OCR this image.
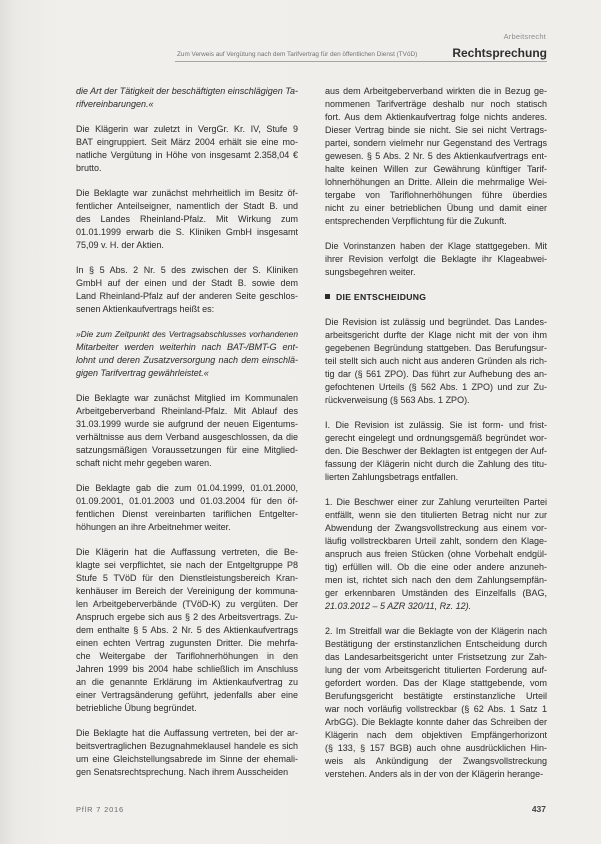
Arbeitsrecht
Zum Verweis auf Vergütung nach dem Tarifvertrag für den öffentlichen Dienst (TVöD)	Rechtsprechung
die Art der Tätigkeit der beschäftigten einschlägigen Ta-
rifvereinbarungen.«
Die Klägerin war zuletzt in VergGr. Kr. IV, Stufe 9
BAT eingruppiert. Seit März 2004 erhält sie eine mo-
natliche Vergütung in Höhe von insgesamt 2.358,04 €
brutto.
Die Beklagte war zunächst mehrheitlich im Besitz öf-
fentlicher Anteilseigner, namentlich der Stadt B. und
des Landes Rheinland-Pfalz. Mit Wirkung zum
01.01.1999 erwarb die S. Kliniken GmbH insgesamt
75,09 v. H. der Aktien.
In § 5 Abs. 2 Nr. 5 des zwischen der S. Kliniken
GmbH auf der einen und der Stadt B. sowie dem
Land Rheinland-Pfalz auf der anderen Seite geschlos-
senen Aktienkaufvertrags heißt es:
»Die zum Zeitpunkt des Vertragsabschlusses vorhandenen
Mitarbeiter werden weiterhin nach BAT-/BMT-G ent-
lohnt und deren Zusatzversorgung nach dem einschlä-
gigen Tarifvertrag gewährleistet.«
Die Beklagte war zunächst Mitglied im Kommunalen
Arbeitgeberverband Rheinland-Pfalz. Mit Ablauf des
31.03.1999 wurde sie aufgrund der neuen Eigentums-
verhältnisse aus dem Verband ausgeschlossen, da die
satzungsmäßigen Voraussetzungen für eine Mitglied-
schaft nicht mehr gegeben waren.
Die Beklagte gab die zum 01.04.1999, 01.01.2000,
01.09.2001, 01.01.2003 und 01.03.2004 für den öf-
fentlichen Dienst vereinbarten tariflichen Entgelter-
höhungen an ihre Arbeitnehmer weiter.
Die Klägerin hat die Auffassung vertreten, die Be-
klagte sei verpflichtet, sie nach der Entgeltgruppe P8
Stufe 5 TVöD für den Dienstleistungsbereich Kran-
kenhäuser im Bereich der Vereinigung der kommuna-
len Arbeitgeberverbände (TVöD-K) zu vergüten. Der
Anspruch ergebe sich aus § 2 des Arbeitsvertrags. Zu-
dem enthalte § 5 Abs. 2 Nr. 5 des Aktienkaufvertrags
einen echten Vertrag zugunsten Dritter. Die mehrfa-
che Weitergabe der Tariflohnerhöhungen in den
Jahren 1999 bis 2004 habe schließlich im Anschluss
an die genannte Erklärung im Aktienkaufvertrag zu
einer Vertragsänderung geführt, jedenfalls aber eine
betriebliche Übung begründet.
Die Beklagte hat die Auffassung vertreten, bei der ar-
beitsvertraglichen Bezugnahmeklausel handele es sich
um eine Gleichstellungsabrede im Sinne der ehemali-
gen Senatsrechtsprechung. Nach ihrem Ausscheiden
aus dem Arbeitgeberverband wirkten die in Bezug ge-
nommenen Tarifverträge deshalb nur noch statisch
fort. Aus dem Aktienkaufvertrag folge nichts anderes.
Dieser Vertrag binde sie nicht. Sie sei nicht Vertrags-
partei, sondern vielmehr nur Gegenstand des Vertrags
gewesen. § 5 Abs. 2 Nr. 5 des Aktienkaufvertrags ent-
halte keinen Willen zur Gewährung künftiger Tarif-
lohnerhöhungen an Dritte. Allein die mehrmalige Wei-
tergabe von Tariflohnerhöhungen führe überdies
nicht zu einer betrieblichen Übung und damit einer
entsprechenden Verpflichtung für die Zukunft.
Die Vorinstanzen haben der Klage stattgegeben. Mit
ihrer Revision verfolgt die Beklagte ihr Klageabwei-
sungsbegehren weiter.
DIE ENTSCHEIDUNG
Die Revision ist zulässig und begründet. Das Landes-
arbeitsgericht durfte der Klage nicht mit der von ihm
gegebenen Begründung stattgeben. Das Berufungsur-
teil stellt sich auch nicht aus anderen Gründen als rich-
tig dar (§ 561 ZPO). Das führt zur Aufhebung des an-
gefochtenen Urteils (§ 562 Abs. 1 ZPO) und zur Zu-
rückverweisung (§ 563 Abs. 1 ZPO).
I. Die Revision ist zulässig. Sie ist form- und frist-
gerecht eingelegt und ordnungsgemäß begründet wor-
den. Die Beschwer der Beklagten ist entgegen der Auf-
fassung der Klägerin nicht durch die Zahlung des titu-
lierten Zahlungsbetrags entfallen.
1. Die Beschwer einer zur Zahlung verurteilten Partei
entfällt, wenn sie den titulierten Betrag nicht nur zur
Abwendung der Zwangsvollstreckung aus einem vor-
läufig vollstreckbaren Urteil zahlt, sondern den Klage-
anspruch aus freien Stücken (ohne Vorbehalt endgül-
tig) erfüllen will. Ob die eine oder andere anzuneh-
men ist, richtet sich nach den dem Zahlungsempfän-
ger erkennbaren Umständen des Einzelfalls (BAG,
21.03.2012 – 5 AZR 320/11, Rz. 12).
2. Im Streitfall war die Beklagte von der Klägerin nach
Bestätigung der erstinstanzlichen Entscheidung durch
das Landesarbeitsgericht unter Fristsetzung zur Zah-
lung der vom Arbeitsgericht titulierten Forderung auf-
gefordert worden. Das der Klage stattgebende, vom
Berufungsgericht bestätigte erstinstanzliche Urteil
war noch vorläufig vollstreckbar (§ 62 Abs. 1 Satz 1
ArbGG). Die Beklagte konnte daher das Schreiben der
Klägerin nach dem objektiven Empfängerhorizont
(§ 133, § 157 BGB) auch ohne ausdrücklichen Hin-
weis als Ankündigung der Zwangsvollstreckung
verstehen. Anders als in der von der Klägerin herange-
PflR 7 2016	437
